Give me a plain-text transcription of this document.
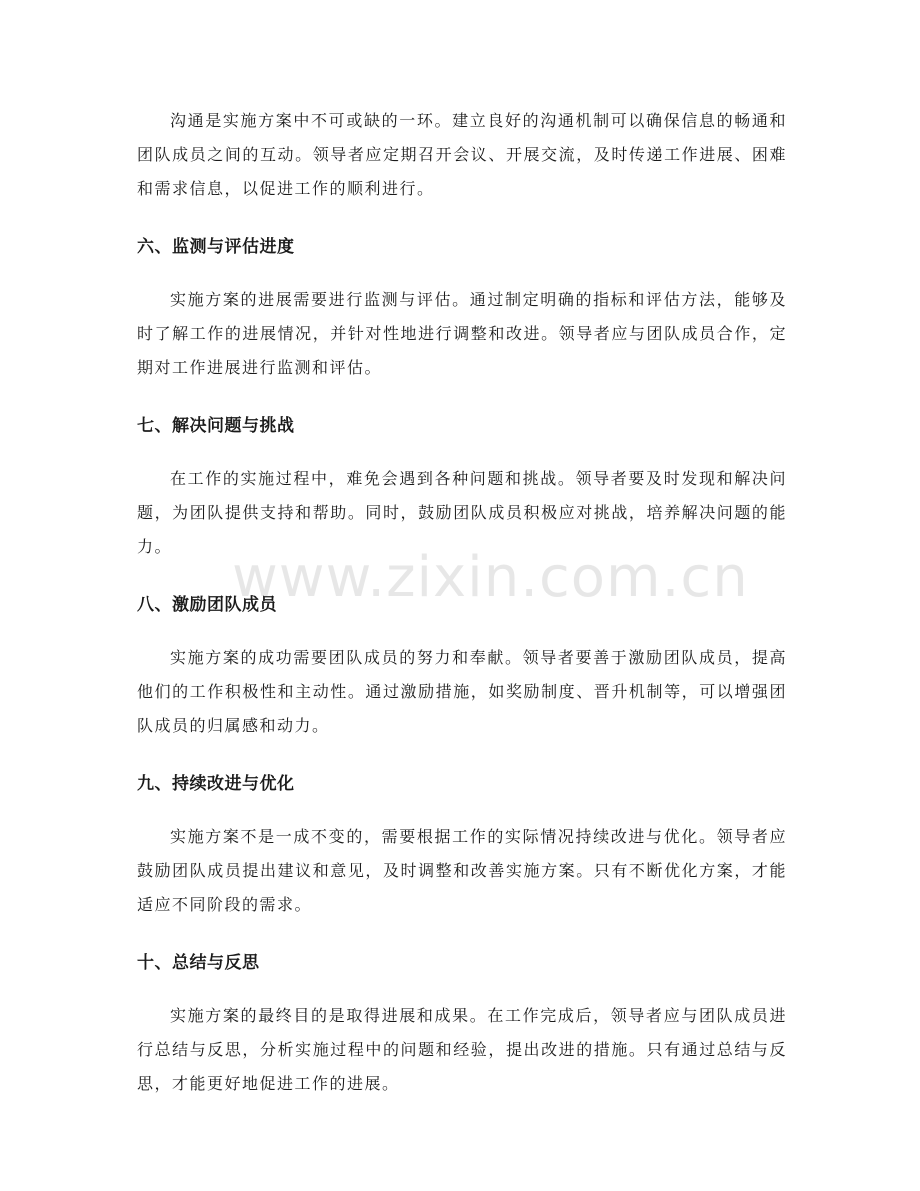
沟通是实施方案中不可或缺的一环。建立良好的沟通机制可以确保信息的畅通和团队成员之间的互动。领导者应定期召开会议、开展交流，及时传递工作进展、困难和需求信息，以促进工作的顺利进行。

六、监测与评估进度

实施方案的进展需要进行监测与评估。通过制定明确的指标和评估方法，能够及时了解工作的进展情况，并针对性地进行调整和改进。领导者应与团队成员合作，定期对工作进展进行监测和评估。

七、解决问题与挑战

在工作的实施过程中，难免会遇到各种问题和挑战。领导者要及时发现和解决问题，为团队提供支持和帮助。同时，鼓励团队成员积极应对挑战，培养解决问题的能力。

八、激励团队成员

实施方案的成功需要团队成员的努力和奉献。领导者要善于激励团队成员，提高他们的工作积极性和主动性。通过激励措施，如奖励制度、晋升机制等，可以增强团队成员的归属感和动力。

九、持续改进与优化

实施方案不是一成不变的，需要根据工作的实际情况持续改进与优化。领导者应鼓励团队成员提出建议和意见，及时调整和改善实施方案。只有不断优化方案，才能适应不同阶段的需求。

十、总结与反思

实施方案的最终目的是取得进展和成果。在工作完成后，领导者应与团队成员进行总结与反思，分析实施过程中的问题和经验，提出改进的措施。只有通过总结与反思，才能更好地促进工作的进展。

www.zixin.com.cn
